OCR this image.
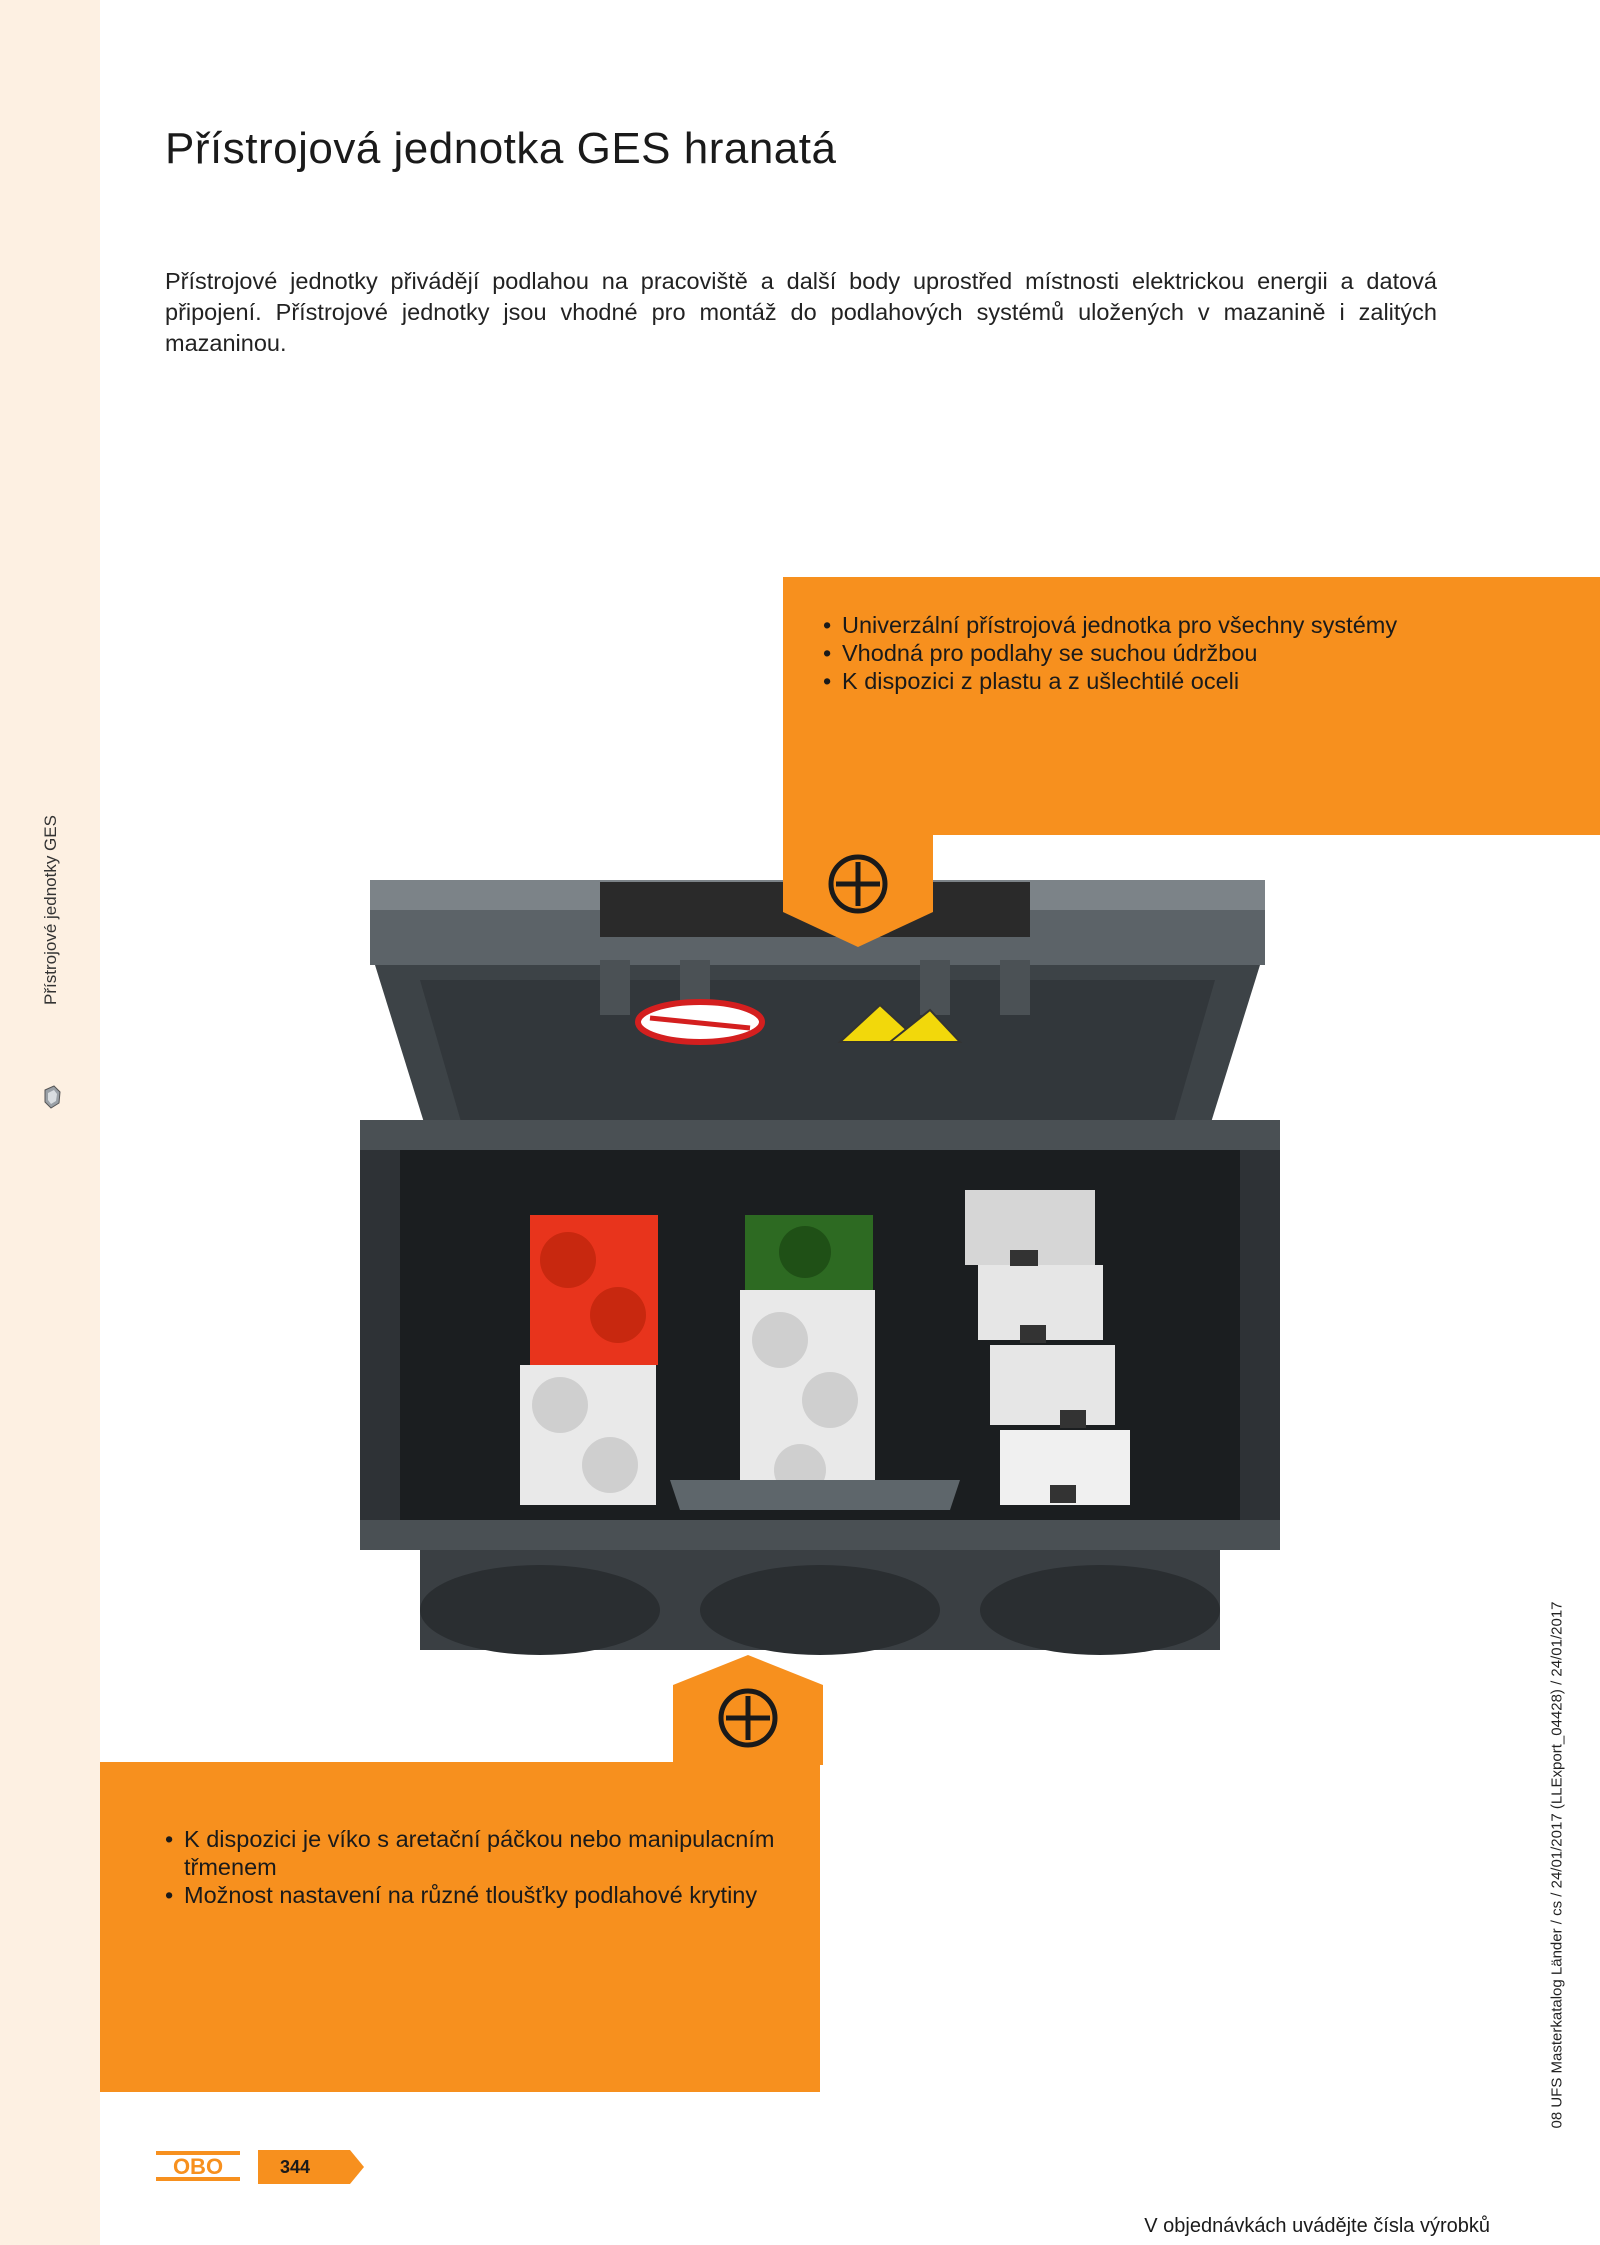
Přístrojové jednotky GES
Přístrojová jednotka GES hranatá

Přístrojové jednotky přivádějí podlahou na pracoviště a další body uprostřed místnosti elektrickou energii a datová připojení. Přístrojové jednotky jsou vhodné pro montáž do podlahových systémů uložených v mazanině i zalitých mazaninou.

• Univerzální přístrojová jednotka pro všechny systémy
• Vhodná pro podlahy se suchou údržbou
• K dispozici z plastu a z ušlechtilé oceli
• K dispozici je víko s aretační páčkou nebo manipulacním třmenem
• Možnost nastavení na různé tloušťky podlahové krytiny
OBO	344
V objednávkách uvádějte čísla výrobků
08 UFS Masterkatalog Länder / cs / 24/01/2017 (LLExport_04428) / 24/01/2017
